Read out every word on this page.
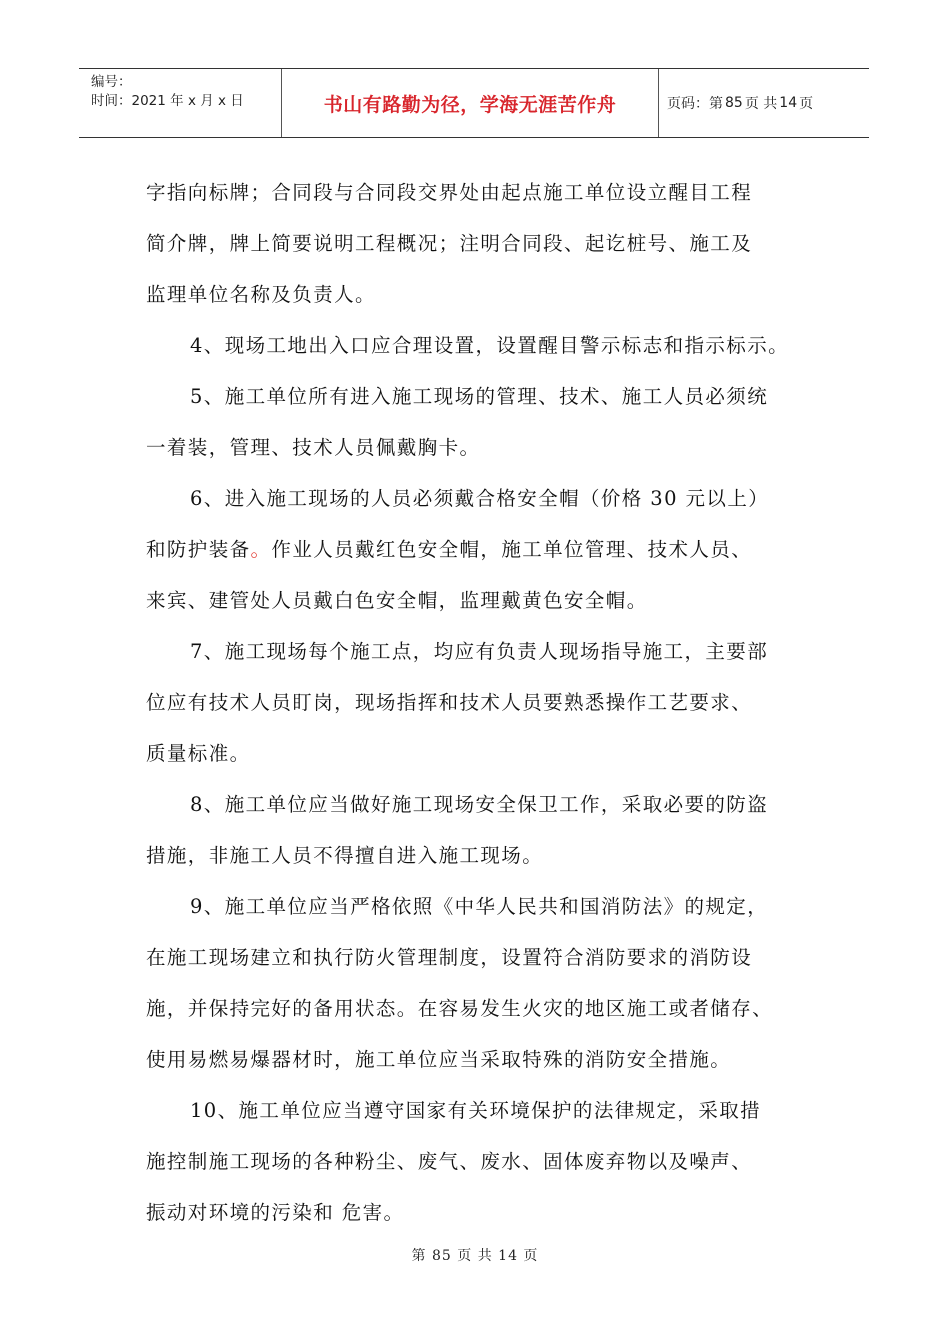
编号：
时间：2021 年 x 月 x 日	书山有路勤为径，学海无涯苦作舟	页码：第 85 页 共 14 页

字指向标牌；合同段与合同段交界处由起点施工单位设立醒目工程
简介牌，牌上简要说明工程概况；注明合同段、起讫桩号、施工及
监理单位名称及负责人。

4、现场工地出入口应合理设置，设置醒目警示标志和指示标示。

5、施工单位所有进入施工现场的管理、技术、施工人员必须统
一着装，管理、技术人员佩戴胸卡。

6、进入施工现场的人员必须戴合格安全帽（价格 30 元以上）
和防护装备。作业人员戴红色安全帽，施工单位管理、技术人员、
来宾、建管处人员戴白色安全帽，监理戴黄色安全帽。

7、施工现场每个施工点，均应有负责人现场指导施工，主要部
位应有技术人员盯岗，现场指挥和技术人员要熟悉操作工艺要求、
质量标准。

8、施工单位应当做好施工现场安全保卫工作，采取必要的防盗
措施，非施工人员不得擅自进入施工现场。

9、施工单位应当严格依照《中华人民共和国消防法》的规定，
在施工现场建立和执行防火管理制度，设置符合消防要求的消防设
施，并保持完好的备用状态。在容易发生火灾的地区施工或者储存、
使用易燃易爆器材时，施工单位应当采取特殊的消防安全措施。

10、施工单位应当遵守国家有关环境保护的法律规定，采取措
施控制施工现场的各种粉尘、废气、废水、固体废弃物以及噪声、
振动对环境的污染和 危害。

第 85 页 共 14 页
